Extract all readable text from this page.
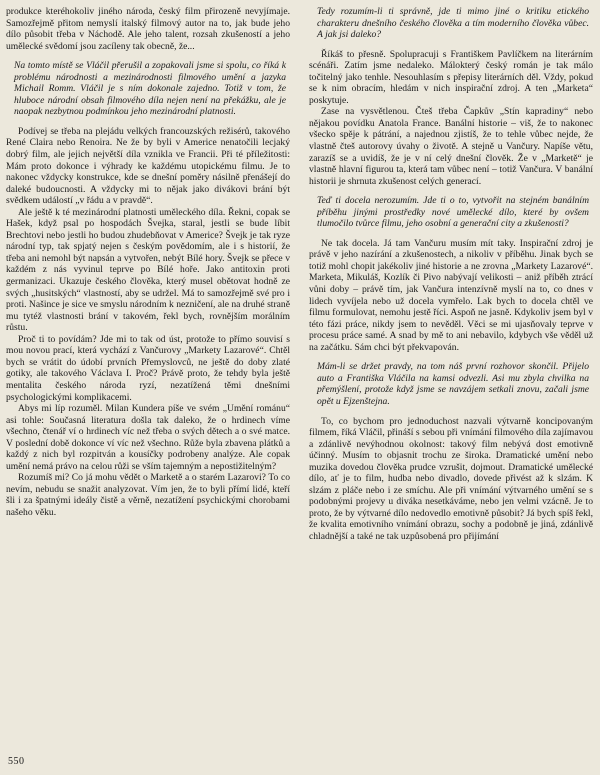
produkce kteréhokoliv jiného národa, český film přirozeně nevyjímaje. Samozřejmě přitom nemyslí italský filmový autor na to, jak bude jeho dílo působit třeba v Náchodě. Ale jeho talent, rozsah zkušeností a jeho umělecké svědomí jsou zacíleny tak obecně, že...

Na tomto místě se Vláčil přerušil a zopakovali jsme si spolu, co říká k problému národnosti a mezinárodnosti filmového umění a jazyka Michail Romm. Vláčil je s ním dokonale zajedno. Totiž v tom, že hluboce národní obsah filmového díla nejen není na překážku, ale je naopak nezbytnou podmínkou jeho mezinárodní platnosti.

Podívej se třeba na plejádu velkých francouzských režisérů, takového René Claira nebo Renoira. Ne že by byli v Americe nenatočili lecjaký dobrý film, ale jejich největší díla vznikla ve Francii. Při té příležitosti: Mám proto dokonce i výhrady ke každému utopickému filmu. Je to nakonec vždycky konstrukce, kde se dnešní poměry násilně přenášejí do daleké budoucnosti. A vždycky mi to nějak jako divákovi brání být svědkem událostí „v řádu a v pravdě“.

Ale ještě k té mezinárodní platnosti uměleckého díla. Řekni, copak se Hašek, když psal po hospodách Švejka, staral, jestli se bude líbit Brechtovi nebo jestli ho budou zhudebňovat v Americe? Švejk je tak ryze národní typ, tak spjatý nejen s českým povědomím, ale i s historií, že třeba ani nemohl být napsán a vytvořen, nebýt Bílé hory. Švejk se přece v každém z nás vyvinul teprve po Bílé hoře. Jako antitoxin proti germanizaci. Ukazuje českého člověka, který musel obětovat hodně ze svých „husitských“ vlastností, aby se udržel. Má to samozřejmě své pro i proti. Našince je sice ve smyslu národním k nezničení, ale na druhé straně mu tytéž vlastnosti brání v takovém, řekl bych, rovnějším morálním růstu.

Proč ti to povídám? Jde mi to tak od úst, protože to přímo souvisí s mou novou prací, která vychází z Vančurovy „Markety Lazarové“. Chtěl bych se vrátit do údobí prvních Přemyslovců, ne ještě do doby zlaté gotiky, ale takového Václava I. Proč? Právě proto, že tehdy byla ještě mentalita českého národa ryzí, nezatížená těmi dnešními psychologickými komplikacemi.

Abys mi líp rozuměl. Milan Kundera píše ve svém „Umění románu“ asi tohle: Současná literatura došla tak daleko, že o hrdinech víme všechno, čtenář ví o hrdinech víc než třeba o svých dětech a o své matce. V poslední době dokonce ví víc než všechno. Růže byla zbavena plátků a každý z nich byl rozpitván a kousíčky podrobeny analýze. Ale copak umění nemá právo na celou růži se vším tajemným a nepostižitelným?

Rozumíš mi? Co já mohu vědět o Marketě a o starém Lazarovi? To co nevím, nebudu se snažit analyzovat. Vím jen, že to byli přímí lidé, kteří šli i za špatnými ideály čistě a věrně, nezatížení psychickými chorobami našeho věku.

Tedy rozumím-li ti správně, jde ti mimo jiné o kritiku etického charakteru dnešního českého člověka a tím moderního člověka vůbec. A jak jsi daleko?

Říkáš to přesně. Spolupracuji s Františkem Pavlíčkem na literárním scénáři. Zatím jsme nedaleko. Málokterý český román je tak málo točitelný jako tenhle. Nesouhlasím s přepisy literárních děl. Vždy, pokud se k nim obracím, hledám v nich inspirační zdroj. A ten „Marketa“ poskytuje.

Zase na vysvětlenou. Čteš třeba Čapkův „Stín kapradiny“ nebo nějakou povídku Anatola France. Banální historie – viš, že to nakonec všecko spěje k pátrání, a najednou zjistíš, že to tehle vůbec nejde, že vlastně čteš autorovy úvahy o životě. A stejně u Vančury. Napíše větu, zarazíš se a uvidíš, že je v ní celý dnešní člověk. Že v „Marketě“ je vlastně hlavní figurou ta, která tam vůbec není – totiž Vančura. V banální historii je shrnuta zkušenost celých generací.

Teď ti docela nerozumím. Jde ti o to, vytvořit na stejném banálním příběhu jinými prostředky nové umělecké dílo, které by ovšem tlumočilo tvůrce filmu, jeho osobní a generační city a zkušenosti?

Ne tak docela. Já tam Vančuru musím mít taky. Inspirační zdroj je právě v jeho nazírání a zkušenostech, a nikoliv v příběhu. Jinak bych se totiž mohl chopit jakékoliv jiné historie a ne zrovna „Markety Lazarové“. Marketa, Mikuláš, Kozlík či Pivo nabývají velikosti – aniž příběh ztrácí vůni doby – právě tím, jak Vančura intenzívně myslí na to, co dnes v lidech vyvíjela nebo už docela vymřelo. Lak bych to docela chtěl ve filmu formulovat, nemohu jestě říci. Aspoň ne jasně. Kdykoliv jsem byl v této fázi práce, nikdy jsem to nevěděl. Věci se mi ujasňovaly teprve v procesu práce samé. A snad by mě to ani nebavilo, kdybych vše věděl už na začátku. Sám chci být překvapován.

Mám-li se držet pravdy, na tom náš první rozhovor skončil. Přijelo auto a Františka Vláčila na kamsi odvezli. Asi mu zbyla chvilka na přemýšlení, protože když jsme se navzájem setkali znovu, začali jsme opět u Ejzenštejna.

To, co bychom pro jednoduchost nazvali výtvarně koncipovaným filmem, říká Vláčil, přináší s sebou při vnímání filmového díla zajímavou a zdánlivě nevýhodnou okolnost: takový film nebývá dost emotivně účinný. Musím to objasnit trochu ze široka. Dramatické umění nebo muzika dovedou člověka prudce vzrušit, dojmout. Dramatické umělecké dílo, ať je to film, hudba nebo divadlo, dovede přivést až k slzám. K slzám z pláče nebo i ze smíchu. Ale při vnímání výtvarného umění se s podobnými projevy u diváka nesetkáváme, nebo jen velmi vzácně. Je to proto, že by výtvarné dílo nedovedlo emotivně působit? Já bych spíš řekl, že kvalita emotivního vnímání obrazu, sochy a podobně je jiná, zdánlivě chladnější a také ne tak uzpůsobená pro přijímání

550
